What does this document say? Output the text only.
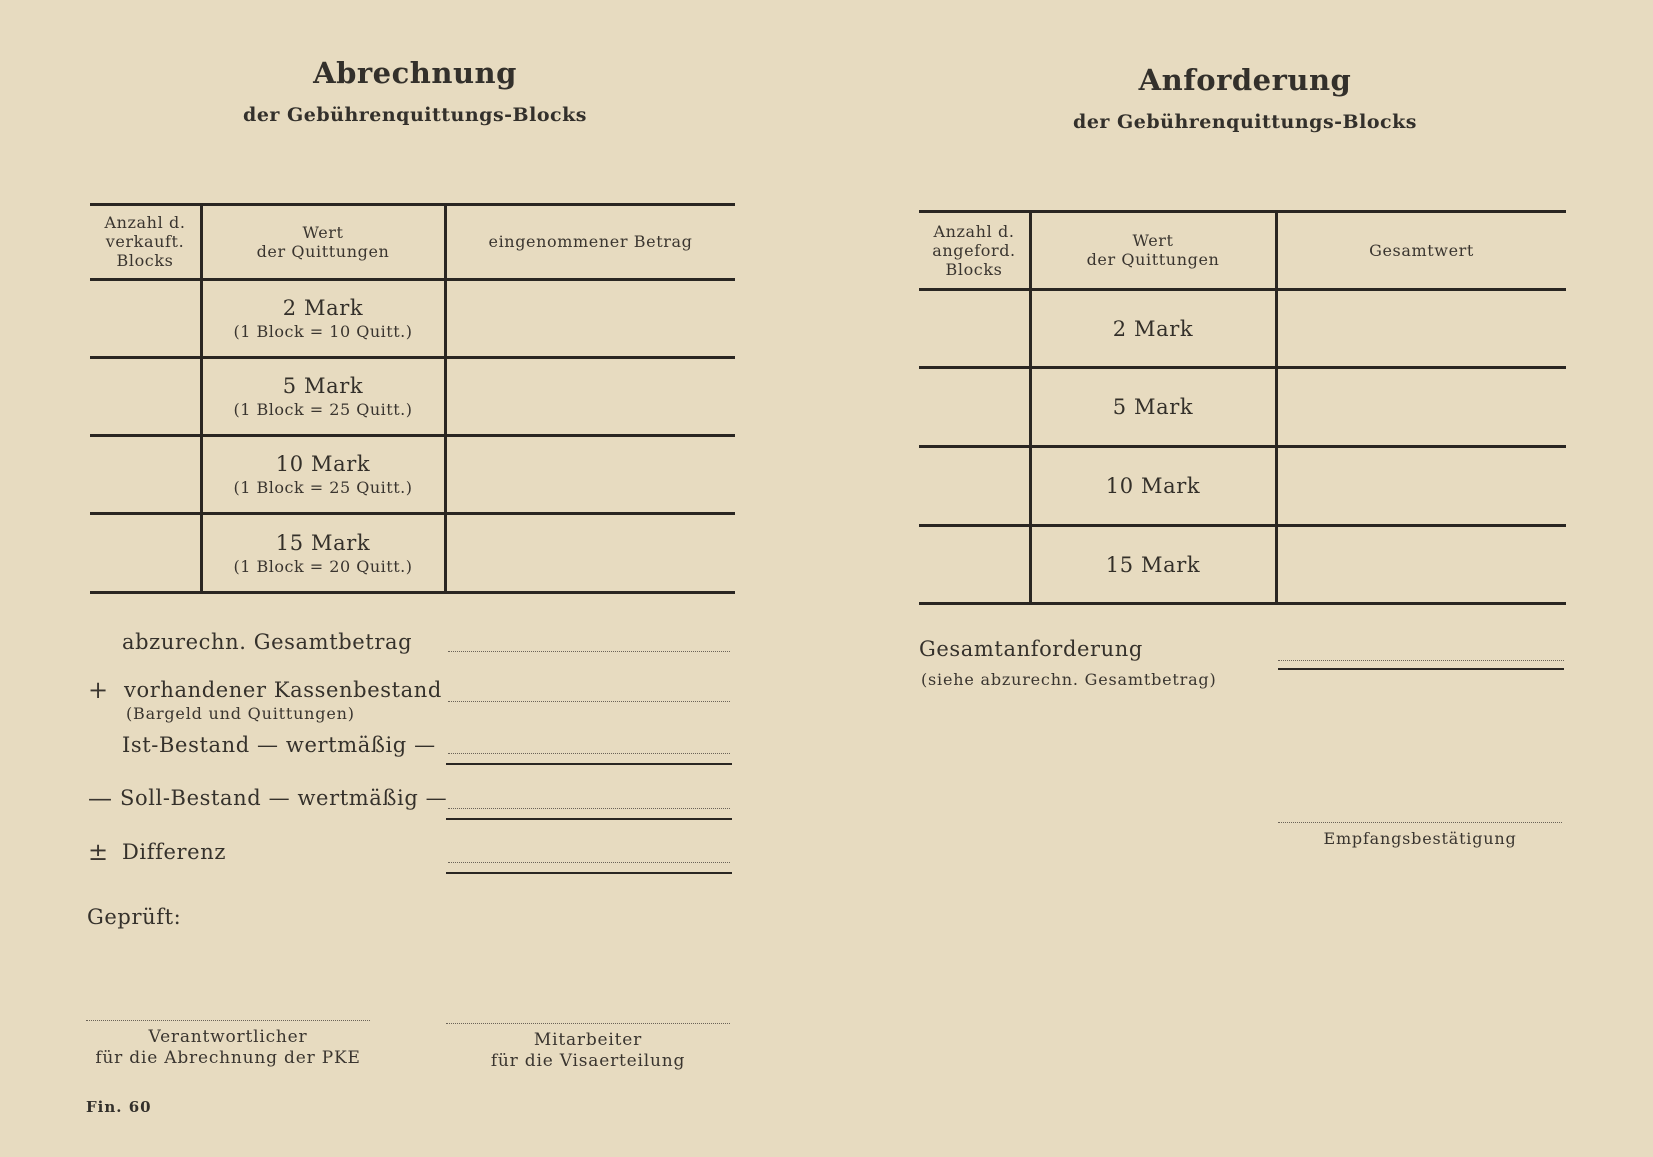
Abrechnung
der Gebührenquittungs-Blocks
Anzahl d.
verkauft.
Blocks
Wert
der Quittungen	eingenommener Betrag
2 Mark
(1 Block = 10 Quitt.)
5 Mark
(1 Block = 25 Quitt.)
10 Mark
(1 Block = 25 Quitt.)
15 Mark
(1 Block = 20 Quitt.)
abzurechn. Gesamtbetrag
+ vorhandener Kassenbestand
(Bargeld und Quittungen)
Ist-Bestand — wertmäßig —
— Soll-Bestand — wertmäßig —
± Differenz
Geprüft:
Verantwortlicher
für die Abrechnung der PKE
Mitarbeiter
für die Visaerteilung
Fin. 60
Anforderung
der Gebührenquittungs-Blocks
Anzahl d.
angeford.
Blocks
Wert
der Quittungen	Gesamtwert
2 Mark
5 Mark
10 Mark
15 Mark
Gesamtanforderung
(siehe abzurechn. Gesamtbetrag)
Empfangsbestätigung
